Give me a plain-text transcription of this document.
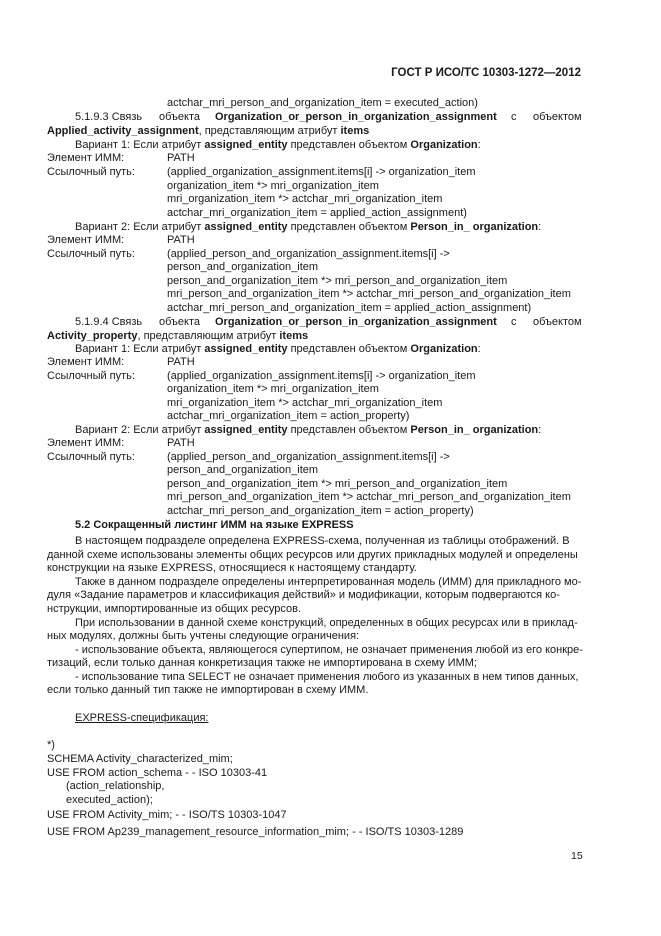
ГОСТ Р ИСО/ТС 10303-1272—2012
actchar_mri_person_and_organization_item = executed_action)
5.1.9.3 Связь объекта Organization_or_person_in_organization_assignment с объектом
Applied_activity_assignment, представляющим атрибут items
Вариант 1: Если атрибут assigned_entity представлен объектом Organization:
Элемент ИММ:	PATH
Ссылочный путь:	(applied_organization_assignment.items[i] -> organization_item
organization_item *> mri_organization_item
mri_organization_item *> actchar_mri_organization_item
actchar_mri_organization_item = applied_action_assignment)
Вариант 2: Если атрибут assigned_entity представлен объектом Person_in_ organization:
Элемент ИММ:	PATH
Ссылочный путь:	(applied_person_and_organization_assignment.items[i] ->
person_and_organization_item
person_and_organization_item *> mri_person_and_organization_item
mri_person_and_organization_item *> actchar_mri_person_and_organization_item
actchar_mri_person_and_organization_item = applied_action_assignment)
5.1.9.4 Связь объекта Organization_or_person_in_organization_assignment с объектом
Activity_property, представляющим атрибут items
Вариант 1: Если атрибут assigned_entity представлен объектом Organization:
Элемент ИММ:	PATH
Ссылочный путь:	(applied_organization_assignment.items[i] -> organization_item
organization_item *> mri_organization_item
mri_organization_item *> actchar_mri_organization_item
actchar_mri_organization_item = action_property)
Вариант 2: Если атрибут assigned_entity представлен объектом Person_in_ organization:
Элемент ИММ:	PATH
Ссылочный путь:	(applied_person_and_organization_assignment.items[i] ->
person_and_organization_item
person_and_organization_item *> mri_person_and_organization_item
mri_person_and_organization_item *> actchar_mri_person_and_organization_item
actchar_mri_person_and_organization_item = action_property)
5.2 Сокращенный листинг ИММ на языке EXPRESS
В настоящем подразделе определена EXPRESS-схема, полученная из таблицы отображений. В
данной схеме использованы элементы общих ресурсов или других прикладных модулей и определены
конструкции на языке EXPRESS, относящиеся к настоящему стандарту.
Также в данном подразделе определены интерпретированная модель (ИММ) для прикладного мо-
дуля «Задание параметров и классификация действий» и модификации, которым подвергаются ко-
нструкции, импортированные из общих ресурсов.
При использовании в данной схеме конструкций, определенных в общих ресурсах или в приклад-
ных модулях, должны быть учтены следующие ограничения:
- использование объекта, являющегося супертипом, не означает применения любой из его конкре-
тизаций, если только данная конкретизация также не импортирована в схему ИММ;
- использование типа SELECT не означает применения любого из указанных в нем типов данных,
если только данный тип также не импортирован в схему ИММ.
EXPRESS-спецификация:
*)
SCHEMA Activity_characterized_mim;
USE FROM action_schema - - ISO 10303-41
(action_relationship,
executed_action);
USE FROM Activity_mim; - - ISO/TS 10303-1047
USE FROM Ap239_management_resource_information_mim; - - ISO/TS 10303-1289
15
